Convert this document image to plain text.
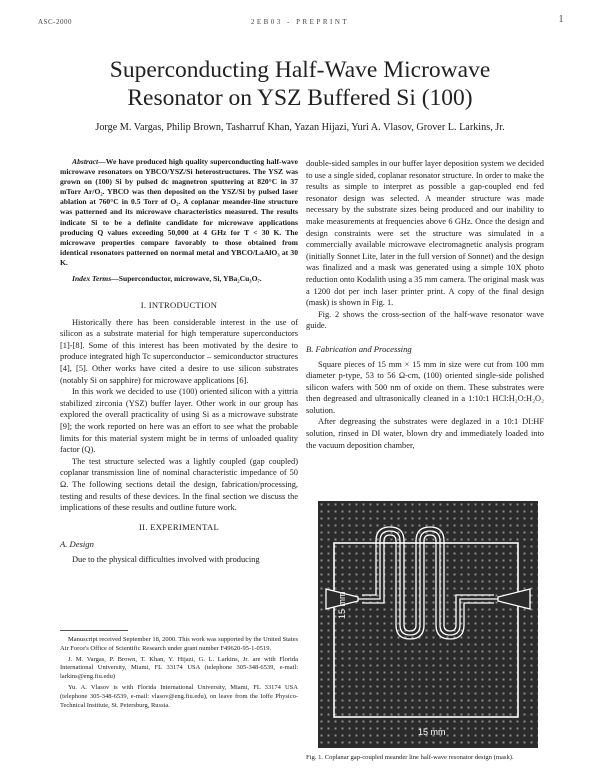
ASC-2000	2EB03 - PREPRINT	1
Superconducting Half-Wave Microwave
Resonator on YSZ Buffered Si (100)
Jorge M. Vargas, Philip Brown, Tasharruf Khan, Yazan Hijazi, Yuri A. Vlasov, Grover L. Larkins, Jr.

Abstract—We have produced high quality superconducting half-wave microwave resonators on YBCO/YSZ/Si heterostructures. The YSZ was grown on (100) Si by pulsed dc magnetron sputtering at 820°C in 37 mTorr Ar/O₂. YBCO was then deposited on the YSZ/Si by pulsed laser ablation at 760°C in 0.5 Torr of O₂. A coplanar meander-line structure was patterned and its microwave characteristics measured. The results indicate Si to be a definite candidate for microwave applications producing Q values exceeding 50,000 at 4 GHz for T < 30 K. The microwave properties compare favorably to those obtained from identical resonators patterned on normal metal and YBCO/LaAlO₃ at 30 K.

Index Terms—Superconductor, microwave, Si, YBa₂Cu₃O₇.

I. INTRODUCTION

Historically there has been considerable interest in the use of silicon as a substrate material for high temperature superconductors [1]-[8]. Some of this interest has been motivated by the desire to produce integrated high Tc superconductor – semiconductor structures [4], [5]. Other works have cited a desire to use silicon substrates (notably Si on sapphire) for microwave applications [6].

In this work we decided to use (100) oriented silicon with a yittria stabilized zirconia (YSZ) buffer layer. Other work in our group has explored the overall practicality of using Si as a microwave substrate [9]; the work reported on here was an effort to see what the probable limits for this material system might be in terms of unloaded quality factor (Q).

The test structure selected was a lightly coupled (gap coupled) coplanar transmission line of nominal characteristic impedance of 50 Ω. The following sections detail the design, fabrication/processing, testing and results of these devices. In the final section we discuss the implications of these results and outline future work.

II. EXPERIMENTAL
A. Design

Due to the physical difficulties involved with producing

Manuscript received September 18, 2000. This work was supported by the United States Air Force's Office of Scientific Research under grant number F49620-95-1-0519.

J. M. Vargas, P. Brown, T. Khan, Y. Hijazi, G. L. Larkins, Jr. are with Florida International University, Miami, FL 33174 USA (telephone 305-348-6539, e-mail: larkins@eng.fiu.edu)

Yu. A. Vlasov is with Florida International University, Miami, FL 33174 USA (telephone 305-348-6539, e-mail: vlasov@eng.fiu.edu), on leave from the Ioffe Physico-Technical Institute, St. Petersburg, Russia.

double-sided samples in our buffer layer deposition system we decided to use a single sided, coplanar resonator structure. In order to make the results as simple to interpret as possible a gap-coupled end fed resonator design was selected. A meander structure was made necessary by the substrate sizes being produced and our inability to make measurements at frequencies above 6 GHz. Once the design and design constraints were set the structure was simulated in a commercially available microwave electromagnetic analysis program (initially Sonnet Lite, later in the full version of Sonnet) and the design was finalized and a mask was generated using a simple 10X photo reduction onto Kodalith using a 35 mm camera. The original mask was a 1200 dot per inch laser printer print. A copy of the final design (mask) is shown in Fig. 1.

Fig. 2 shows the cross-section of the half-wave resonator wave guide.

B. Fabrication and Processing

Square pieces of 15 mm × 15 mm in size were cut from 100 mm diameter p-type, 53 to 56 Ω-cm, (100) oriented single-side polished silicon wafers with 500 nm of oxide on them. These substrates were then degreased and ultrasonically cleaned in a 1:10:1 HCl:H₂O:H₂O₂ solution.

After degreasing the substrates were deglazed in a 10:1 DI:HF solution, rinsed in DI water, blown dry and immediately loaded into the vacuum deposition chamber,

15 mm
15 mm
Fig. 1. Coplanar gap-coupled meander line half-wave resonator design (mask).
